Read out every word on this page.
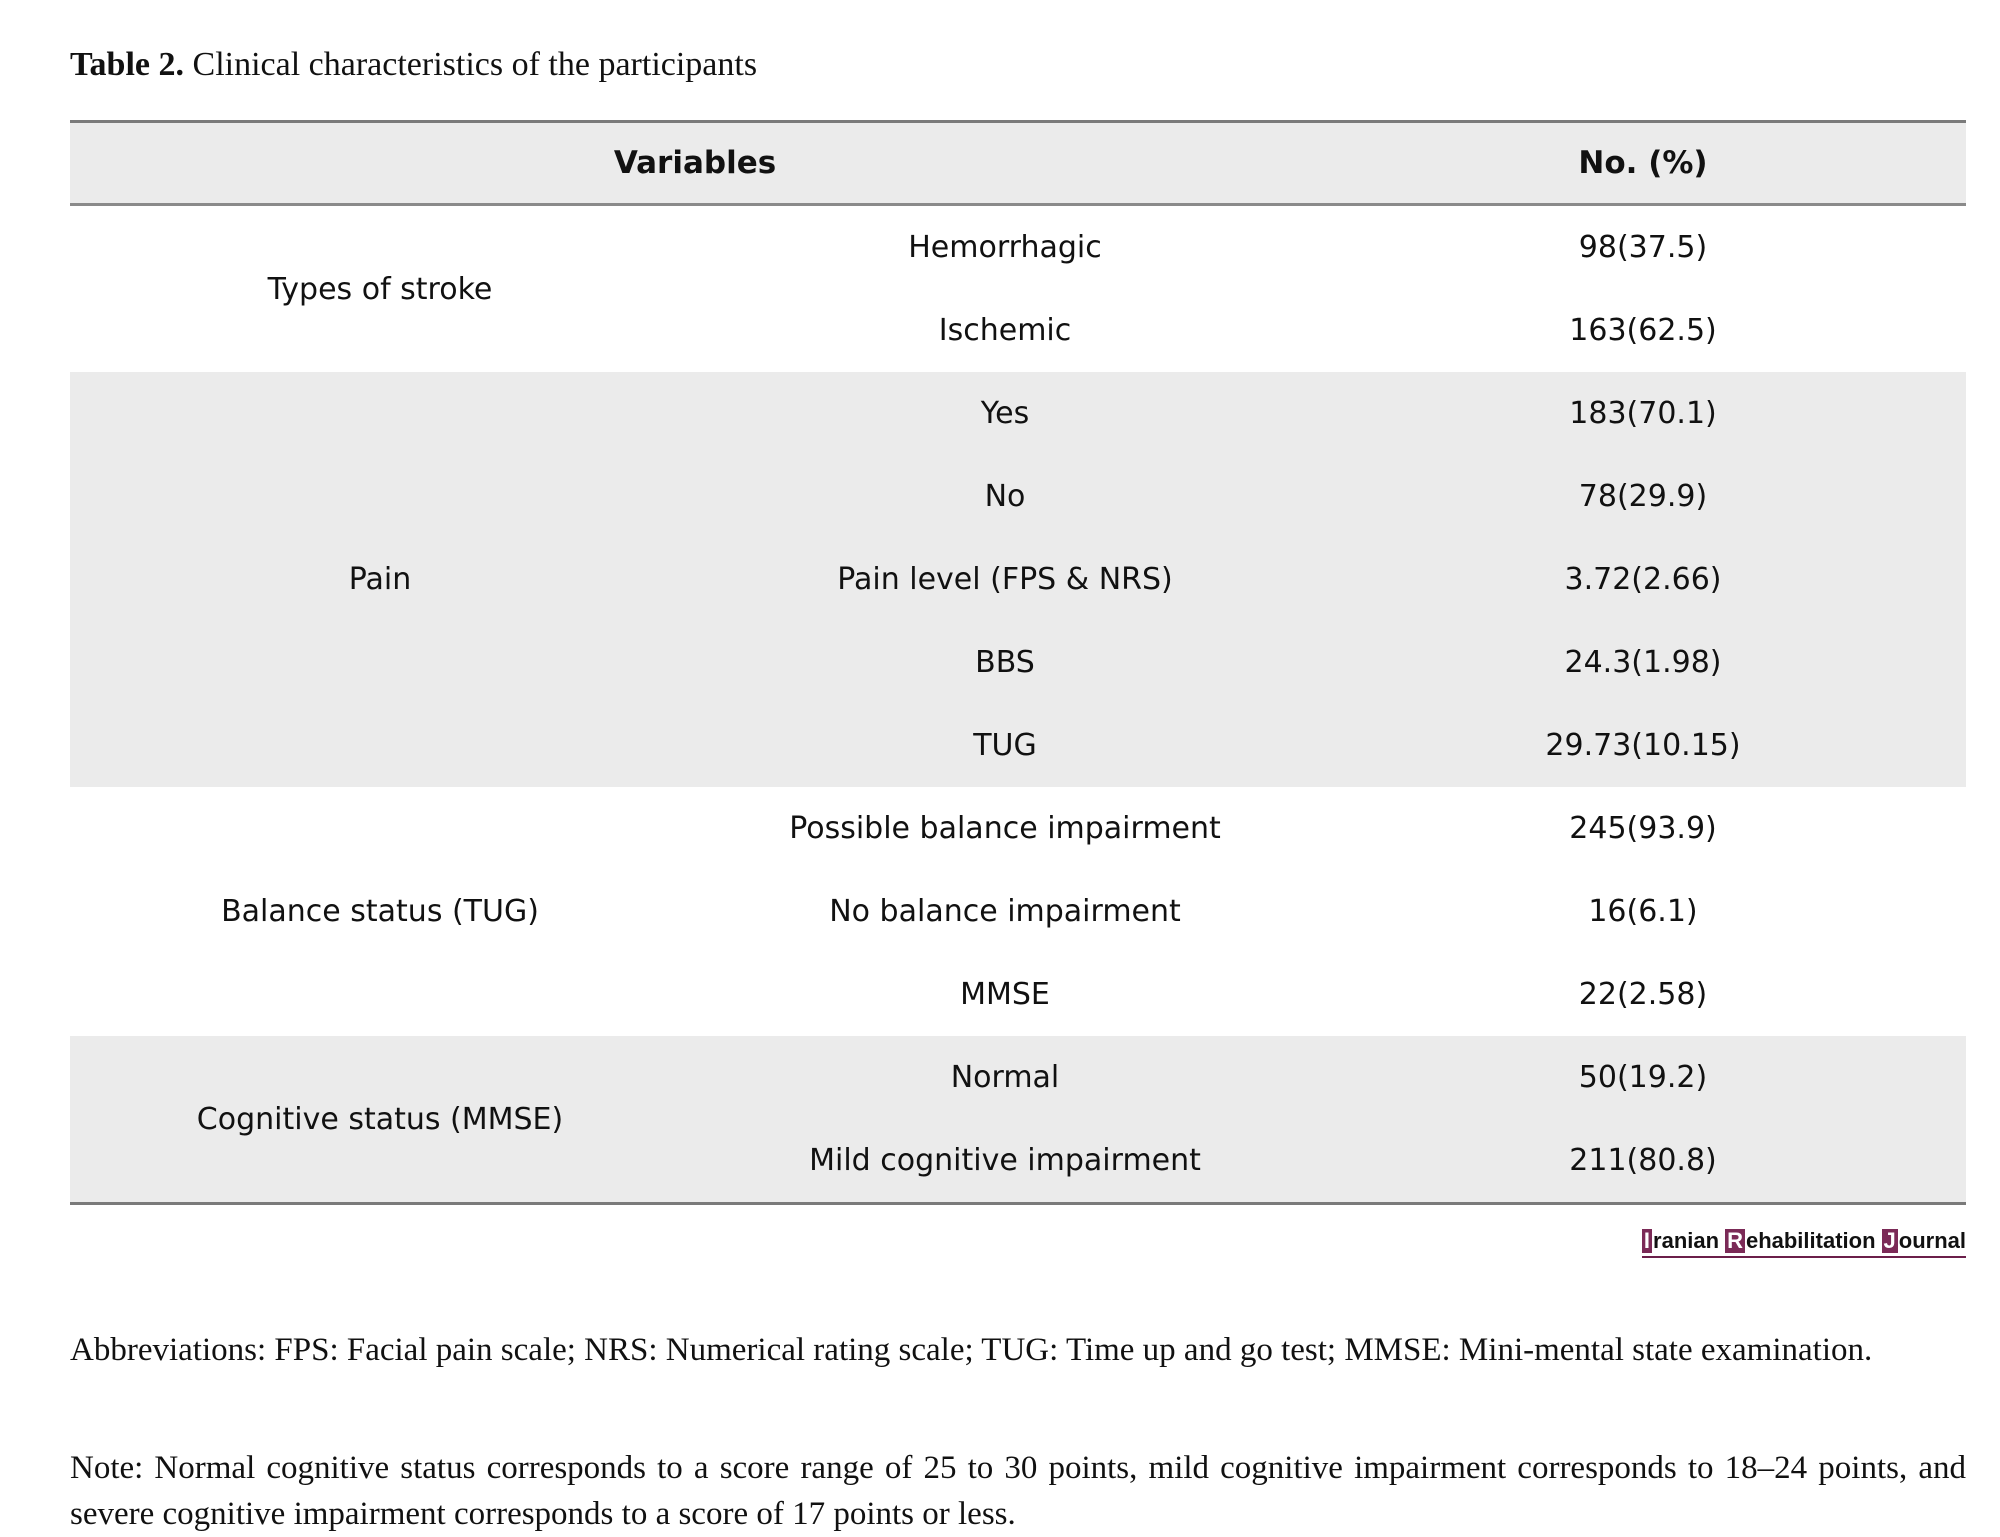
Table 2. Clinical characteristics of the participants
Variables		No. (%)
Types of stroke	Hemorrhagic	98(37.5)
	Ischemic	163(62.5)
Pain	Yes	183(70.1)
	No	78(29.9)
	Pain level (FPS & NRS)	3.72(2.66)
	BBS	24.3(1.98)
	TUG	29.73(10.15)
Balance status (TUG)	Possible balance impairment	245(93.9)
	No balance impairment	16(6.1)
	MMSE	22(2.58)
Cognitive status (MMSE)	Normal	50(19.2)
	Mild cognitive impairment	211(80.8)
I ranian R ehabilitation J ournal

Abbreviations: FPS: Facial pain scale; NRS: Numerical rating scale; TUG: Time up and go test; MMSE: Mini-mental state examination.

Note: Normal cognitive status corresponds to a score range of 25 to 30 points, mild cognitive impairment corresponds to 18–24 points, and severe cognitive impairment corresponds to a score of 17 points or less.
